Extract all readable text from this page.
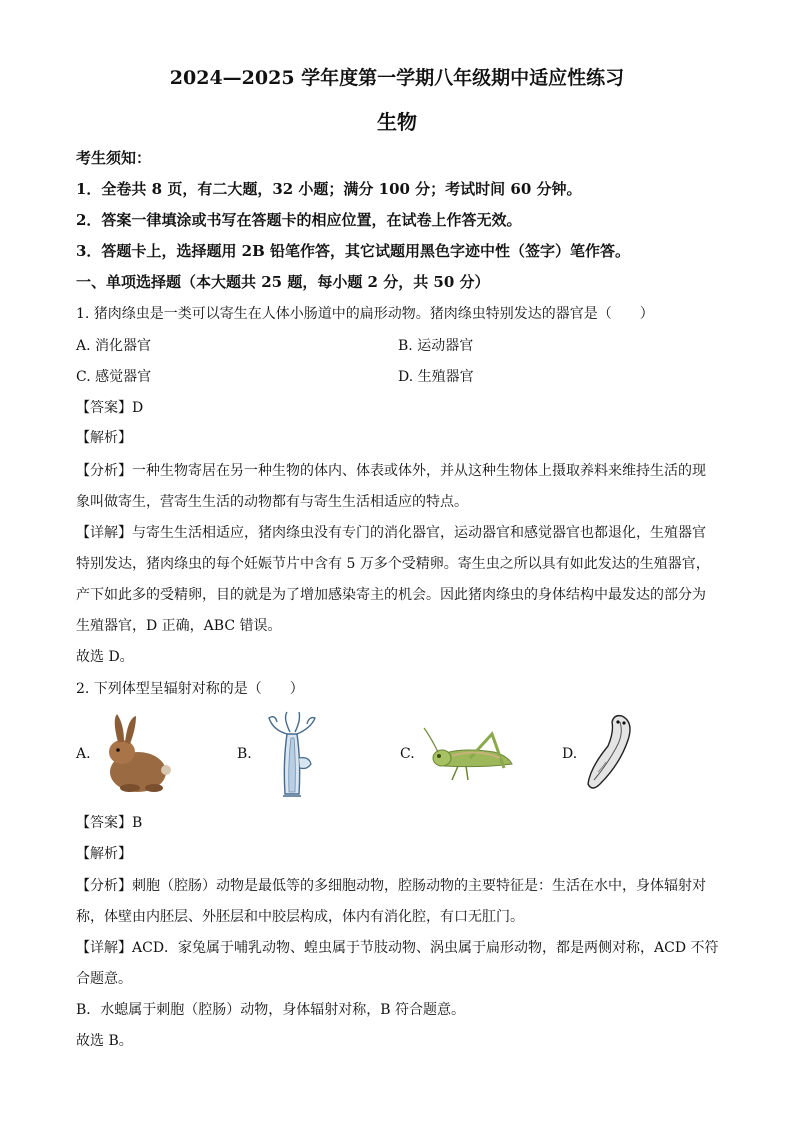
2024—2025 学年度第一学期八年级期中适应性练习
生物
考生须知：
1．全卷共 8 页，有二大题，32 小题；满分 100 分；考试时间 60 分钟。
2．答案一律填涂或书写在答题卡的相应位置，在试卷上作答无效。
3．答题卡上，选择题用 2B 铅笔作答，其它试题用黑色字迹中性（签字）笔作答。
一、单项选择题（本大题共 25 题，每小题 2 分，共 50 分）
1. 猪肉绦虫是一类可以寄生在人体小肠道中的扁形动物。猪肉绦虫特别发达的器官是（　　）
A. 消化器官	B. 运动器官
C. 感觉器官	D. 生殖器官
【答案】D
【解析】
【分析】一种生物寄居在另一种生物的体内、体表或体外，并从这种生物体上摄取养料来维持生活的现
象叫做寄生，营寄生生活的动物都有与寄生生活相适应的特点。
【详解】与寄生生活相适应，猪肉绦虫没有专门的消化器官，运动器官和感觉器官也都退化，生殖器官
特别发达，猪肉绦虫的每个妊娠节片中含有 5 万多个受精卵。寄生虫之所以具有如此发达的生殖器官，
产下如此多的受精卵，目的就是为了增加感染寄主的机会。因此猪肉绦虫的身体结构中最发达的部分为
生殖器官，D 正确，ABC 错误。
故选 D。
2. 下列体型呈辐射对称的是（　　）
A.	B.	C.	D.
【答案】B
【解析】
【分析】刺胞（腔肠）动物是最低等的多细胞动物，腔肠动物的主要特征是：生活在水中，身体辐射对
称，体壁由内胚层、外胚层和中胶层构成，体内有消化腔，有口无肛门。
【详解】ACD．家兔属于哺乳动物、蝗虫属于节肢动物、涡虫属于扁形动物，都是两侧对称，ACD 不符
合题意。
B．水螅属于刺胞（腔肠）动物，身体辐射对称，B 符合题意。
故选 B。
